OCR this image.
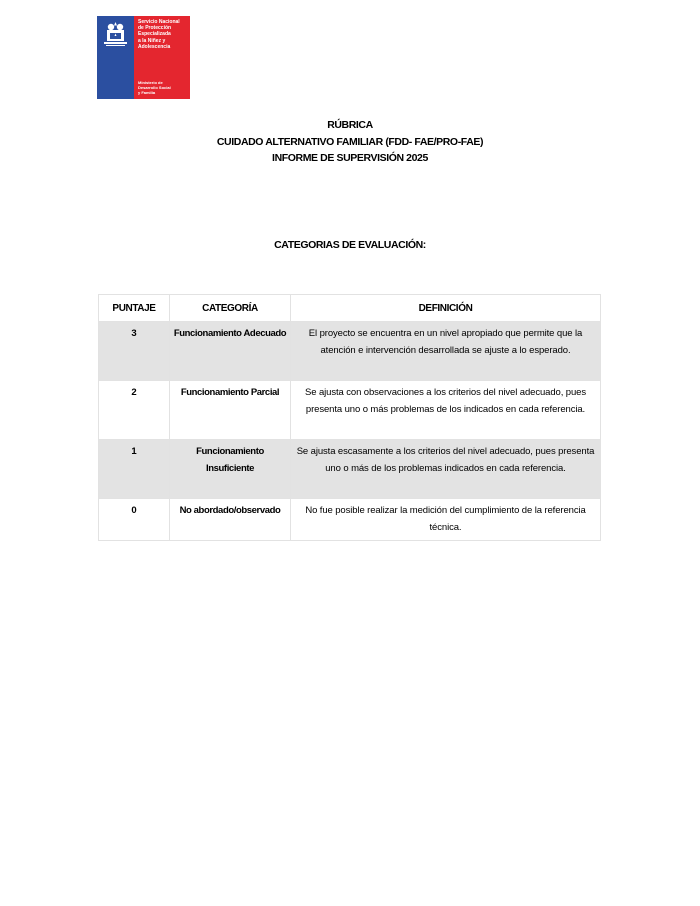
Servicio Nacional
de Protección
Especializada
a la Niñez y
Adolescencia
Ministerio de
Desarrollo Social
y Familia
RÚBRICA
CUIDADO ALTERNATIVO FAMILIAR (FDD- FAE/PRO-FAE)
INFORME DE SUPERVISIÓN 2025
CATEGORIAS DE EVALUACIÓN:
PUNTAJE	CATEGORÍA	DEFINICIÓN
3	Funcionamiento Adecuado	El proyecto se encuentra en un nivel apropiado que permite que la atención e intervención desarrollada se ajuste a lo esperado.
2	Funcionamiento Parcial	Se ajusta con observaciones a los criterios del nivel adecuado, pues presenta uno o más problemas de los indicados en cada referencia.
1	Funcionamiento Insuficiente	Se ajusta escasamente a los criterios del nivel adecuado, pues presenta uno o más de los problemas indicados en cada referencia.
0	No abordado/observado	No fue posible realizar la medición del cumplimiento de la referencia técnica.
